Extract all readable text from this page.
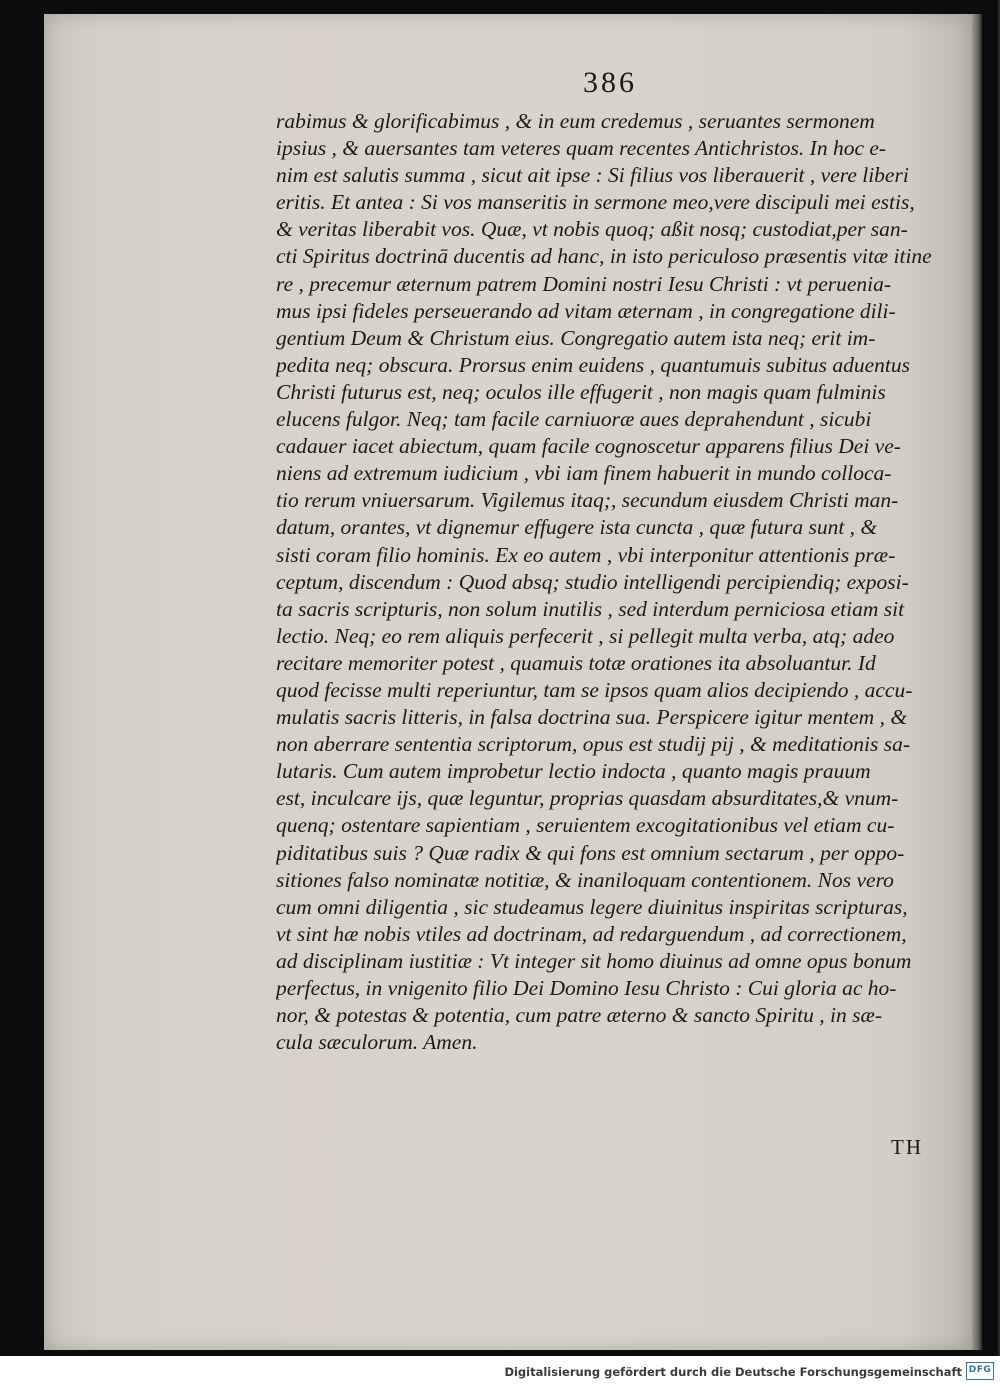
386
rabimus & glorificabimus , & in eum credemus , seruantes sermonem
ipsius , & auersantes tam veteres quam recentes Antichristos. In hoc e-
nim est salutis summa , sicut ait ipse : Si filius vos liberauerit , vere liberi
eritis. Et antea : Si vos manseritis in sermone meo,vere discipuli mei estis,
& veritas liberabit vos. Quæ, vt nobis quoq; aßit nosq; custodiat,per san-
cti Spiritus doctrinā ducentis ad hanc, in isto periculoso præsentis vitæ itine
re , precemur æternum patrem Domini nostri Iesu Christi : vt peruenia-
mus ipsi fideles perseuerando ad vitam æternam , in congregatione dili-
gentium Deum & Christum eius. Congregatio autem ista neq; erit im-
pedita neq; obscura. Prorsus enim euidens , quantumuis subitus aduentus
Christi futurus est, neq; oculos ille effugerit , non magis quam fulminis
elucens fulgor. Neq; tam facile carniuoræ aues deprahendunt , sicubi
cadauer iacet abiectum, quam facile cognoscetur apparens filius Dei ve-
niens ad extremum iudicium , vbi iam finem habuerit in mundo colloca-
tio rerum vniuersarum. Vigilemus itaq;, secundum eiusdem Christi man-
datum, orantes, vt dignemur effugere ista cuncta , quæ futura sunt , &
sisti coram filio hominis. Ex eo autem , vbi interponitur attentionis præ-
ceptum, discendum : Quod absq; studio intelligendi percipiendiq; exposi-
ta sacris scripturis, non solum inutilis , sed interdum perniciosa etiam sit
lectio. Neq; eo rem aliquis perfecerit , si pellegit multa verba, atq; adeo
recitare memoriter potest , quamuis totæ orationes ita absoluantur. Id
quod fecisse multi reperiuntur, tam se ipsos quam alios decipiendo , accu-
mulatis sacris litteris, in falsa doctrina sua. Perspicere igitur mentem , &
non aberrare sententia scriptorum, opus est studij pij , & meditationis sa-
lutaris. Cum autem improbetur lectio indocta , quanto magis prauum
est, inculcare ijs, quæ leguntur, proprias quasdam absurditates,& vnum-
quenq; ostentare sapientiam , seruientem excogitationibus vel etiam cu-
piditatibus suis ? Quæ radix & qui fons est omnium sectarum , per oppo-
sitiones falso nominatæ notitiæ, & inaniloquam contentionem. Nos vero
cum omni diligentia , sic studeamus legere diuinitus inspiritas scripturas,
vt sint hæ nobis vtiles ad doctrinam, ad redarguendum , ad correctionem,
ad disciplinam iustitiæ : Vt integer sit homo diuinus ad omne opus bonum
perfectus, in vnigenito filio Dei Domino Iesu Christo : Cui gloria ac ho-
nor, & potestas & potentia, cum patre æterno & sancto Spiritu , in sæ-
cula sæculorum. Amen.
TH
Digitalisierung gefördert durch die Deutsche Forschungsgemeinschaft DFG
